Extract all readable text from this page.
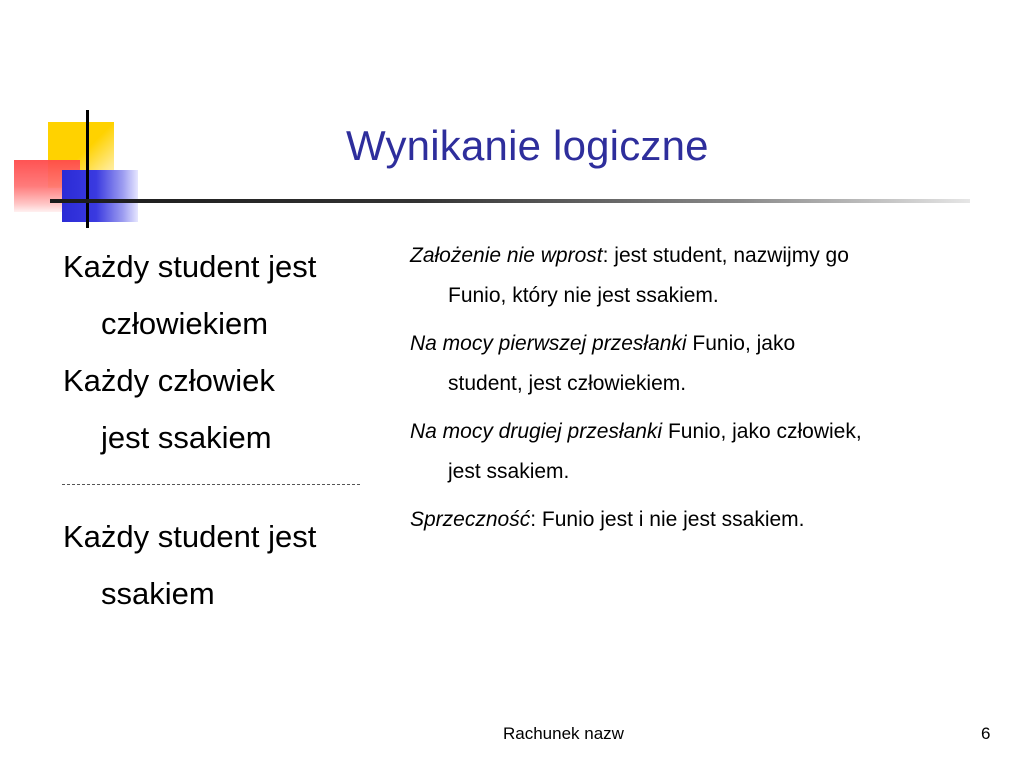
Wynikanie logiczne

Każdy student jest

człowiekiem

Każdy człowiek

jest ssakiem

Każdy student jest

ssakiem

Założenie nie wprost: jest student, nazwijmy go
Funio, który nie jest ssakiem.
Na mocy pierwszej przesłanki Funio, jako
student, jest człowiekiem.
Na mocy drugiej przesłanki Funio, jako człowiek,
jest ssakiem.
Sprzeczność: Funio jest i nie jest ssakiem.
Rachunek nazw	6
